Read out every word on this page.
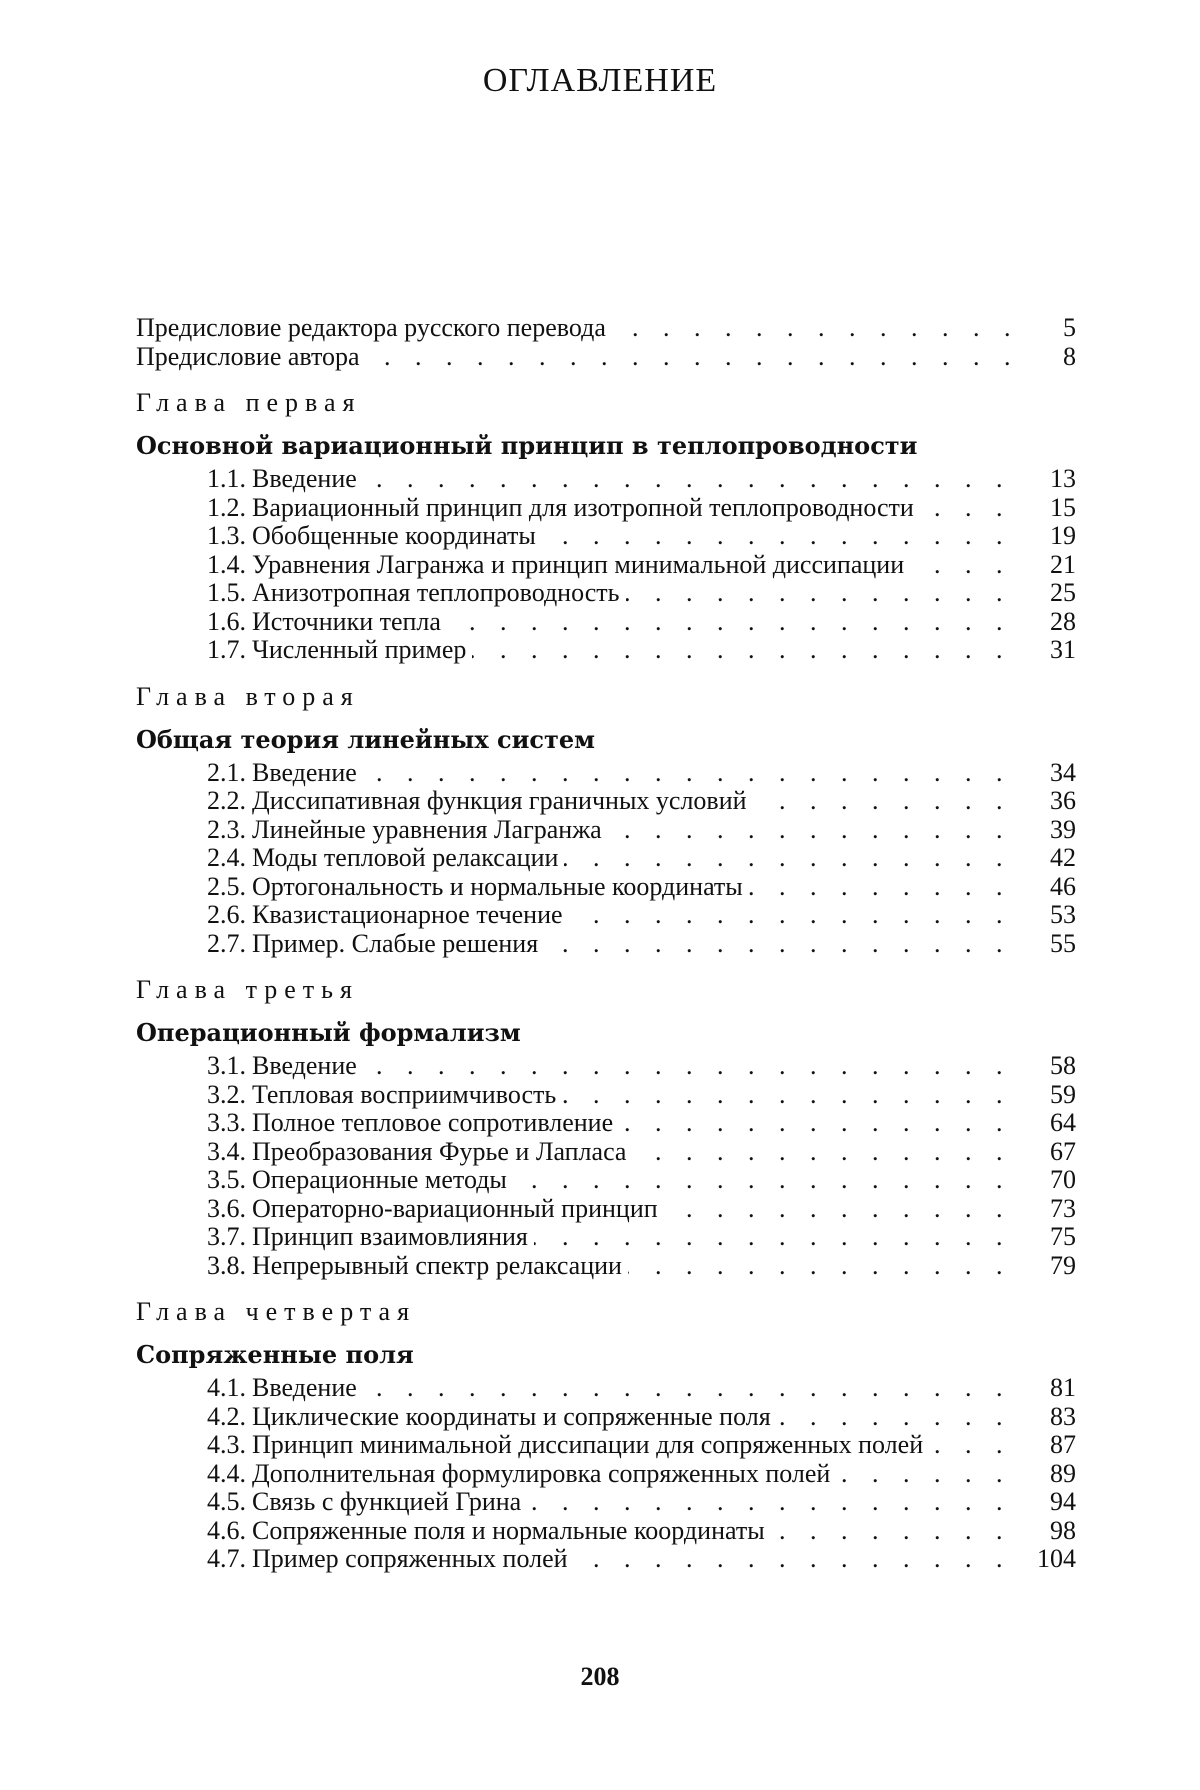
ОГЛАВЛЕНИЕ
Предисловие редактора русского перевода . . .	5
Предисловие автора . . .	8
Глава первая
Основной вариационный принцип в теплопроводности
1.1. Введение . . .	13
1.2. Вариационный принцип для изотропной теплопроводности . . .	15
1.3. Обобщенные координаты . . .	19
1.4. Уравнения Лагранжа и принцип минимальной диссипации . . .	21
1.5. Анизотропная теплопроводность . . .	25
1.6. Источники тепла . . .	28
1.7. Численный пример . . .	31
Глава вторая
Общая теория линейных систем
2.1. Введение . . .	34
2.2. Диссипативная функция граничных условий . . .	36
2.3. Линейные уравнения Лагранжа . . .	39
2.4. Моды тепловой релаксации . . .	42
2.5. Ортогональность и нормальные координаты . . .	46
2.6. Квазистационарное течение . . .	53
2.7. Пример. Слабые решения . . .	55
Глава третья
Операционный формализм
3.1. Введение . . .	58
3.2. Тепловая восприимчивость . . .	59
3.3. Полное тепловое сопротивление . . .	64
3.4. Преобразования Фурье и Лапласа . . .	67
3.5. Операционные методы . . .	70
3.6. Операторно-вариационный принцип . . .	73
3.7. Принцип взаимовлияния . . .	75
3.8. Непрерывный спектр релаксации . . .	79
Глава четвертая
Сопряженные поля
4.1. Введение . . .	81
4.2. Циклические координаты и сопряженные поля . . .	83
4.3. Принцип минимальной диссипации для сопряженных полей . . .	87
4.4. Дополнительная формулировка сопряженных полей . . .	89
4.5. Связь с функцией Грина . . .	94
4.6. Сопряженные поля и нормальные координаты . . .	98
4.7. Пример сопряженных полей . . .	104
208
